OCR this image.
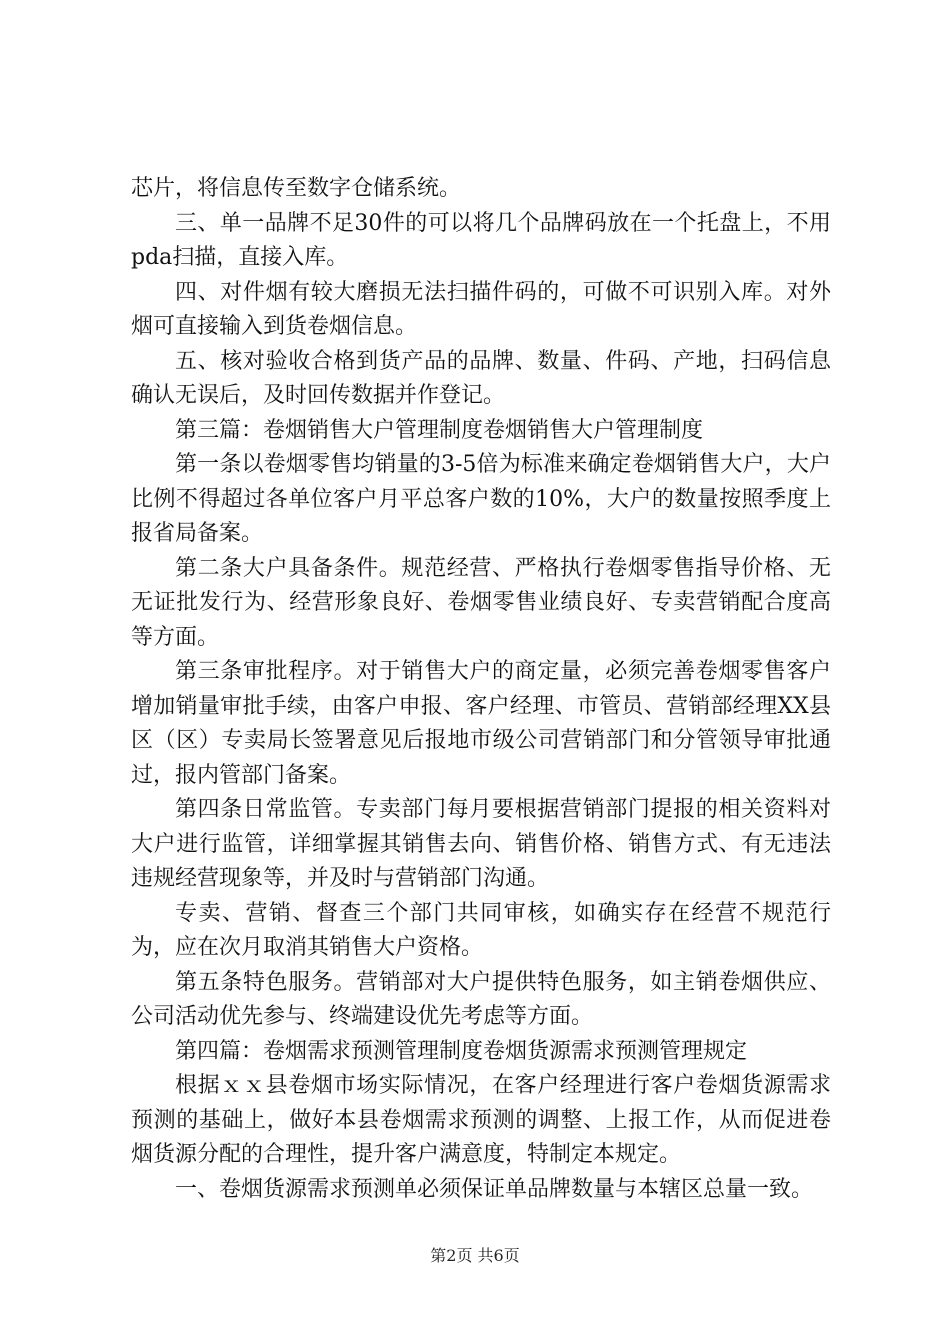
芯片，将信息传至数字仓储系统。

三、单一品牌不足30件的可以将几个品牌码放在一个托盘上，不用pda扫描，直接入库。

四、对件烟有较大磨损无法扫描件码的，可做不可识别入库。对外烟可直接输入到货卷烟信息。

五、核对验收合格到货产品的品牌、数量、件码、产地，扫码信息确认无误后，及时回传数据并作登记。

第三篇：卷烟销售大户管理制度卷烟销售大户管理制度

第一条以卷烟零售均销量的3-5倍为标准来确定卷烟销售大户，大户比例不得超过各单位客户月平总客户数的10%，大户的数量按照季度上报省局备案。

第二条大户具备条件。规范经营、严格执行卷烟零售指导价格、无无证批发行为、经营形象良好、卷烟零售业绩良好、专卖营销配合度高等方面。

第三条审批程序。对于销售大户的商定量，必须完善卷烟零售客户增加销量审批手续，由客户申报、客户经理、市管员、营销部经理XX县区（区）专卖局长签署意见后报地市级公司营销部门和分管领导审批通过，报内管部门备案。

第四条日常监管。专卖部门每月要根据营销部门提报的相关资料对大户进行监管，详细掌握其销售去向、销售价格、销售方式、有无违法违规经营现象等，并及时与营销部门沟通。

专卖、营销、督查三个部门共同审核，如确实存在经营不规范行为，应在次月取消其销售大户资格。

第五条特色服务。营销部对大户提供特色服务，如主销卷烟供应、公司活动优先参与、终端建设优先考虑等方面。

第四篇：卷烟需求预测管理制度卷烟货源需求预测管理规定

根据ｘｘ县卷烟市场实际情况，在客户经理进行客户卷烟货源需求预测的基础上，做好本县卷烟需求预测的调整、上报工作，从而促进卷烟货源分配的合理性，提升客户满意度，特制定本规定。

一、卷烟货源需求预测单必须保证单品牌数量与本辖区总量一致。

第2页 共6页
